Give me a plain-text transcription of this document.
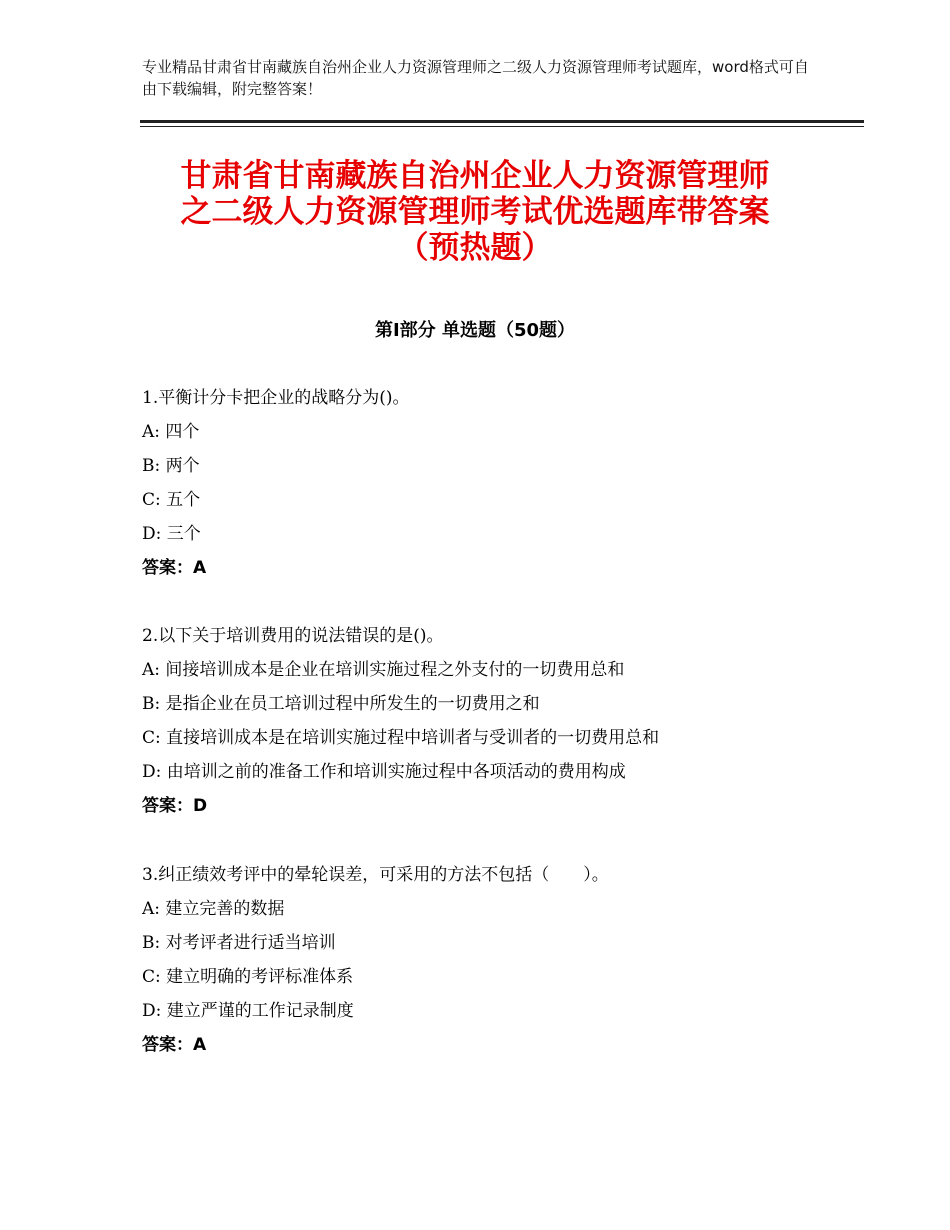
专业精品甘肃省甘南藏族自治州企业人力资源管理师之二级人力资源管理师考试题库，word格式可自由下载编辑，附完整答案！
甘肃省甘南藏族自治州企业人力资源管理师
之二级人力资源管理师考试优选题库带答案
（预热题）
第Ⅰ部分 单选题（50题）
1.平衡计分卡把企业的战略分为()。
A: 四个
B: 两个
C: 五个
D: 三个
答案：A
2.以下关于培训费用的说法错误的是()。
A: 间接培训成本是企业在培训实施过程之外支付的一切费用总和
B: 是指企业在员工培训过程中所发生的一切费用之和
C: 直接培训成本是在培训实施过程中培训者与受训者的一切费用总和
D: 由培训之前的准备工作和培训实施过程中各项活动的费用构成
答案：D
3.纠正绩效考评中的晕轮误差，可采用的方法不包括（　　）。
A: 建立完善的数据
B: 对考评者进行适当培训
C: 建立明确的考评标准体系
D: 建立严谨的工作记录制度
答案：A
